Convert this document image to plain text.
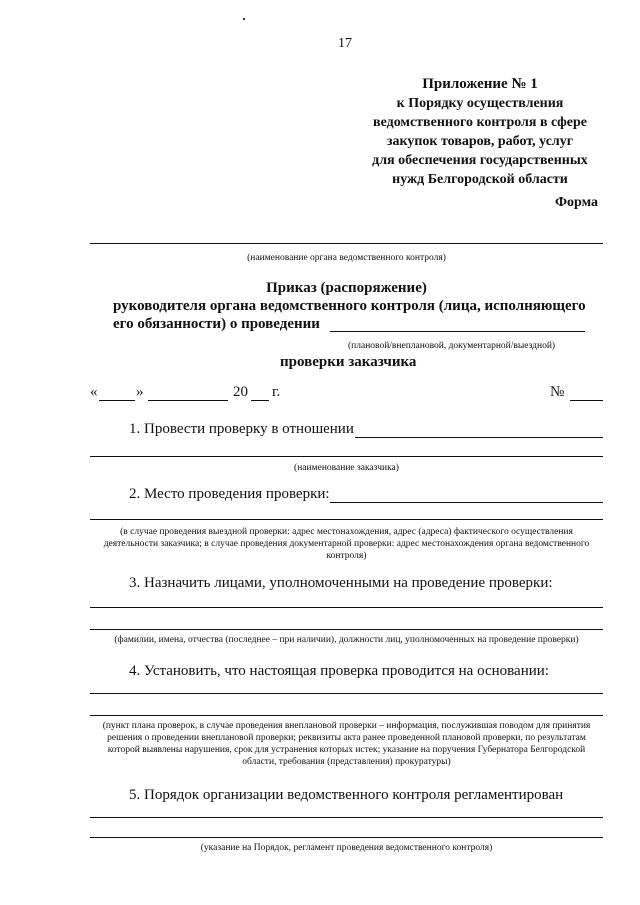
17
Приложение № 1
к Порядку осуществления
ведомственного контроля в сфере
закупок товаров, работ, услуг
для обеспечения государственных
нужд Белгородской области
Форма
(наименование органа ведомственного контроля)
Приказ (распоряжение)
руководителя органа ведомственного контроля (лица, исполняющего
его обязанности) о проведении
(плановой/внеплановой, документарной/выездной)
проверки заказчика
«	»	20 г.	№
1. Провести проверку в отношении
(наименование заказчика)
2. Место проведения проверки:
(в случае проведения выездной проверки: адрес местонахождения, адрес (адреса) фактического осуществления
деятельности заказчика; в случае проведения документарной проверки: адрес местонахождения органа ведомственного
контроля)
3. Назначить лицами, уполномоченными на проведение проверки:
(фамилии, имена, отчества (последнее – при наличии), должности лиц, уполномоченных на проведение проверки)
4. Установить, что настоящая проверка проводится на основании:
(пункт плана проверок, в случае проведения внеплановой проверки – информация, послужившая поводом для принятия
решения о проведении внеплановой проверки; реквизиты акта ранее проведенной плановой проверки, по результатам
которой выявлены нарушения, срок для устранения которых истек; указание на поручения Губернатора Белгородской
области, требования (представления) прокуратуры)
5. Порядок организации ведомственного контроля регламентирован
(указание на Порядок, регламент проведения ведомственного контроля)
